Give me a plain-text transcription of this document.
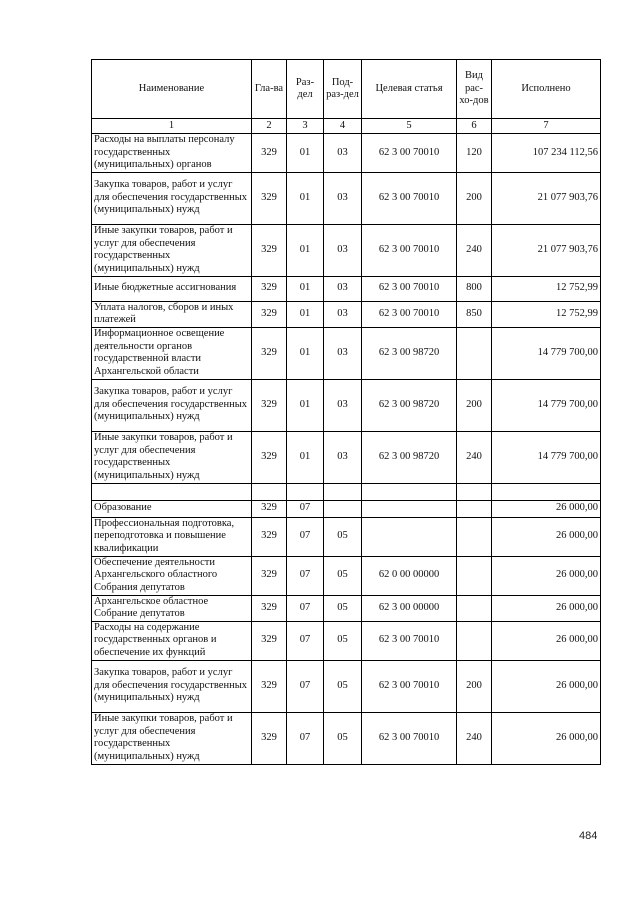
Наименование	Гла-ва	Раз-дел	Под-раз-дел	Целевая статья	Вид рас-хо-дов	Исполнено
1	2	3	4	5	6	7
Расходы на выплаты персоналу государственных (муниципальных) органов	329	01	03	62 3 00 70010	120	107 234 112,56
Закупка товаров, работ и услуг для обеспечения государственных (муниципальных) нужд	329	01	03	62 3 00 70010	200	21 077 903,76
Иные закупки товаров, работ и услуг для обеспечения государственных (муниципальных) нужд	329	01	03	62 3 00 70010	240	21 077 903,76
Иные бюджетные ассигнования	329	01	03	62 3 00 70010	800	12 752,99
Уплата налогов, сборов и иных платежей	329	01	03	62 3 00 70010	850	12 752,99
Информационное освещение деятельности органов государственной власти Архангельской области	329	01	03	62 3 00 98720		14 779 700,00
Закупка товаров, работ и услуг для обеспечения государственных (муниципальных) нужд	329	01	03	62 3 00 98720	200	14 779 700,00
Иные закупки товаров, работ и услуг для обеспечения государственных (муниципальных) нужд	329	01	03	62 3 00 98720	240	14 779 700,00

Образование	329	07				26 000,00
Профессиональная подготовка, переподготовка и повышение квалификации	329	07	05			26 000,00
Обеспечение деятельности Архангельского областного Собрания депутатов	329	07	05	62 0 00 00000		26 000,00
Архангельское областное Собрание депутатов	329	07	05	62 3 00 00000		26 000,00
Расходы на содержание государственных органов и обеспечение их функций	329	07	05	62 3 00 70010		26 000,00
Закупка товаров, работ и услуг для обеспечения государственных (муниципальных) нужд	329	07	05	62 3 00 70010	200	26 000,00
Иные закупки товаров, работ и услуг для обеспечения государственных (муниципальных) нужд	329	07	05	62 3 00 70010	240	26 000,00
484
